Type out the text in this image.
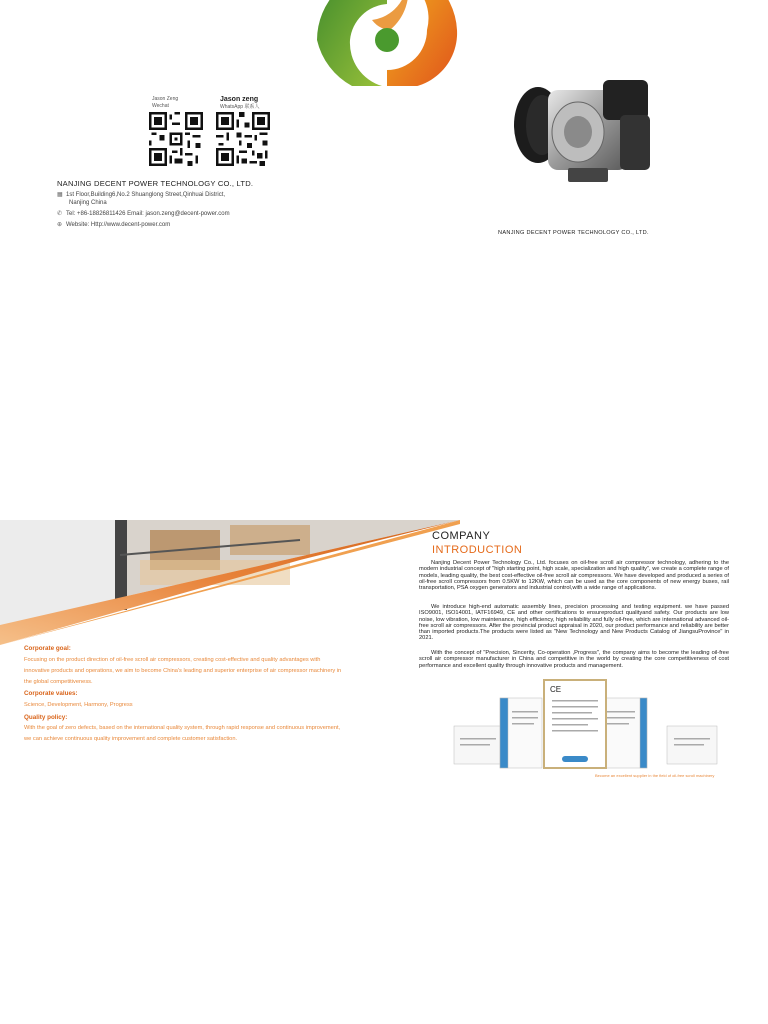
Jason Zeng
Wechat
Jason zeng
WhatsApp 联系人
NANJING DECENT POWER TECHNOLOGY CO., LTD.
▦ 1st Floor,Building6,No.2 Shuanglong Street,Qinhuai District,
Nanjing China
✆ Tel: +86-18826811426 Email: jason.zeng@decent-power.com
⊕ Website: Http://www.decent-power.com
NANJING DECENT POWER TECHNOLOGY CO., LTD.
Corporate goal:
Focusing on the product direction of oil-free scroll air compressors, creating cost-effective and quality advantages with innovative products and operations, we aim to become China's leading and superior enterprise of air compressor machinery in the global competitiveness.
Corporate values:
Science, Development, Harmony, Progress
Quality policy:
With the goal of zero defects, based on the international quality system, through rapid response and continuous improvement, we can achieve continuous quality improvement and complete customer satisfaction.
COMPANY
INTRODUCTION
Nanjing Decent Power Technology Co., Ltd. focuses on oil-free scroll air compressor technology, adhering to the modern industrial concept of "high starting point, high scale, specialization and high quality", we create a complete range of models, leading quality, the best cost-effective oil-free scroll air compressors. We have developed and produced a series of oil-free scroll compressors from 0.5KW to 12KW, which can be used as the core components of new energy buses, rail transportation, PSA oxygen generators and industrial control,with a wide range of applications.
We introduce high-end automatic assembly lines, precision processing and testing equipment. we have passed ISO9001, ISO14001, IATF16949, CE and other certifications to ensureproduct qualityand safety. Our products are low noise, low vibration, low maintenance, high efficiency, high reliability and fully oil-free, which are international advanced oil-free scroll air compressors. After the provincial product appraisal in 2020, our product performance and reliability are better than imported products.The products were listed as "New Technology and New Products Catalog of JiangsuProvince" in 2021.
With the concept of "Precision, Sincerity, Co-operation ,Progress", the company aims to become the leading oil-free scroll air compressor manufacturer in China and competitive in the world by creating the core competitiveness of cost performance and excellent quality through innovative products and management.
CE
Become an excellent supplier in the field of oil-free scroll machinery
